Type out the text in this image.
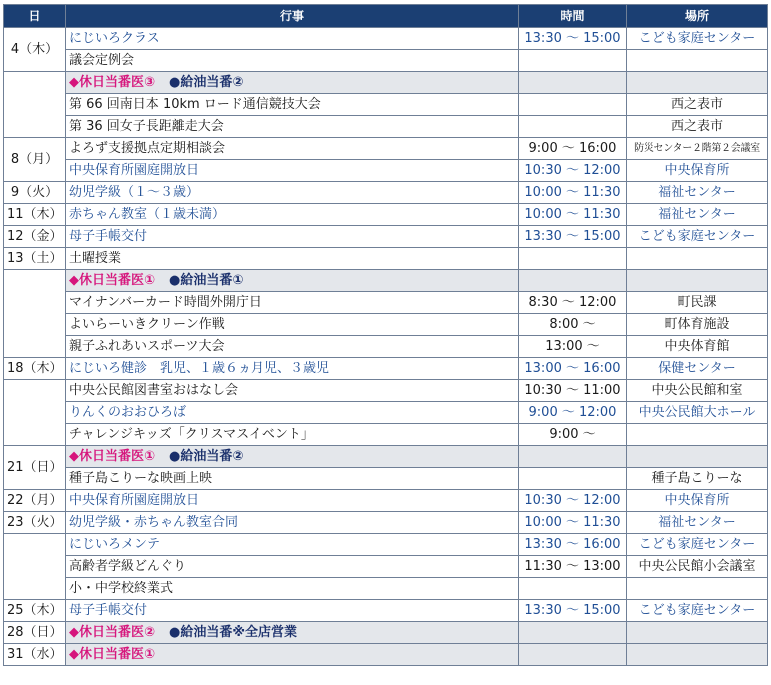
日	行事	時間	場所
4（木）	にじいろクラス	13:30 ～ 15:00	こども家庭センター
	議会定例会		
	◆休日当番医③ ●給油当番②		
	第 66 回南日本 10km ロード通信競技大会		西之表市
	第 36 回女子長距離走大会		西之表市
8（月）	よろず支援拠点定期相談会	9:00 ～ 16:00	防災センター２階第２会議室
	中央保育所園庭開放日	10:30 ～ 12:00	中央保育所
9（火）	幼児学級（１～３歳）	10:00 ～ 11:30	福祉センター
11（木）	赤ちゃん教室（１歳未満）	10:00 ～ 11:30	福祉センター
12（金）	母子手帳交付	13:30 ～ 15:00	こども家庭センター
13（土）	土曜授業		
	◆休日当番医① ●給油当番①		
	マイナンバーカード時間外開庁日	8:30 ～ 12:00	町民課
	よいらーいきクリーン作戦	8:00 ～	町体育施設
	親子ふれあいスポーツ大会	13:00 ～	中央体育館
18（木）	にじいろ健診　乳児、１歳６ヵ月児、３歳児	13:00 ～ 16:00	保健センター
	中央公民館図書室おはなし会	10:30 ～ 11:00	中央公民館和室
	りんくのおおひろば	9:00 ～ 12:00	中央公民館大ホール
	チャレンジキッズ「クリスマスイベント」	9:00 ～	
21（日）	◆休日当番医① ●給油当番②		
	種子島こりーな映画上映		種子島こりーな
22（月）	中央保育所園庭開放日	10:30 ～ 12:00	中央保育所
23（火）	幼児学級・赤ちゃん教室合同	10:00 ～ 11:30	福祉センター
	にじいろメンテ	13:30 ～ 16:00	こども家庭センター
	高齢者学級どんぐり	11:30 ～ 13:00	中央公民館小会議室
	小・中学校終業式		
25（木）	母子手帳交付	13:30 ～ 15:00	こども家庭センター
28（日）	◆休日当番医② ●給油当番※全店営業		
31（水）	◆休日当番医①		
